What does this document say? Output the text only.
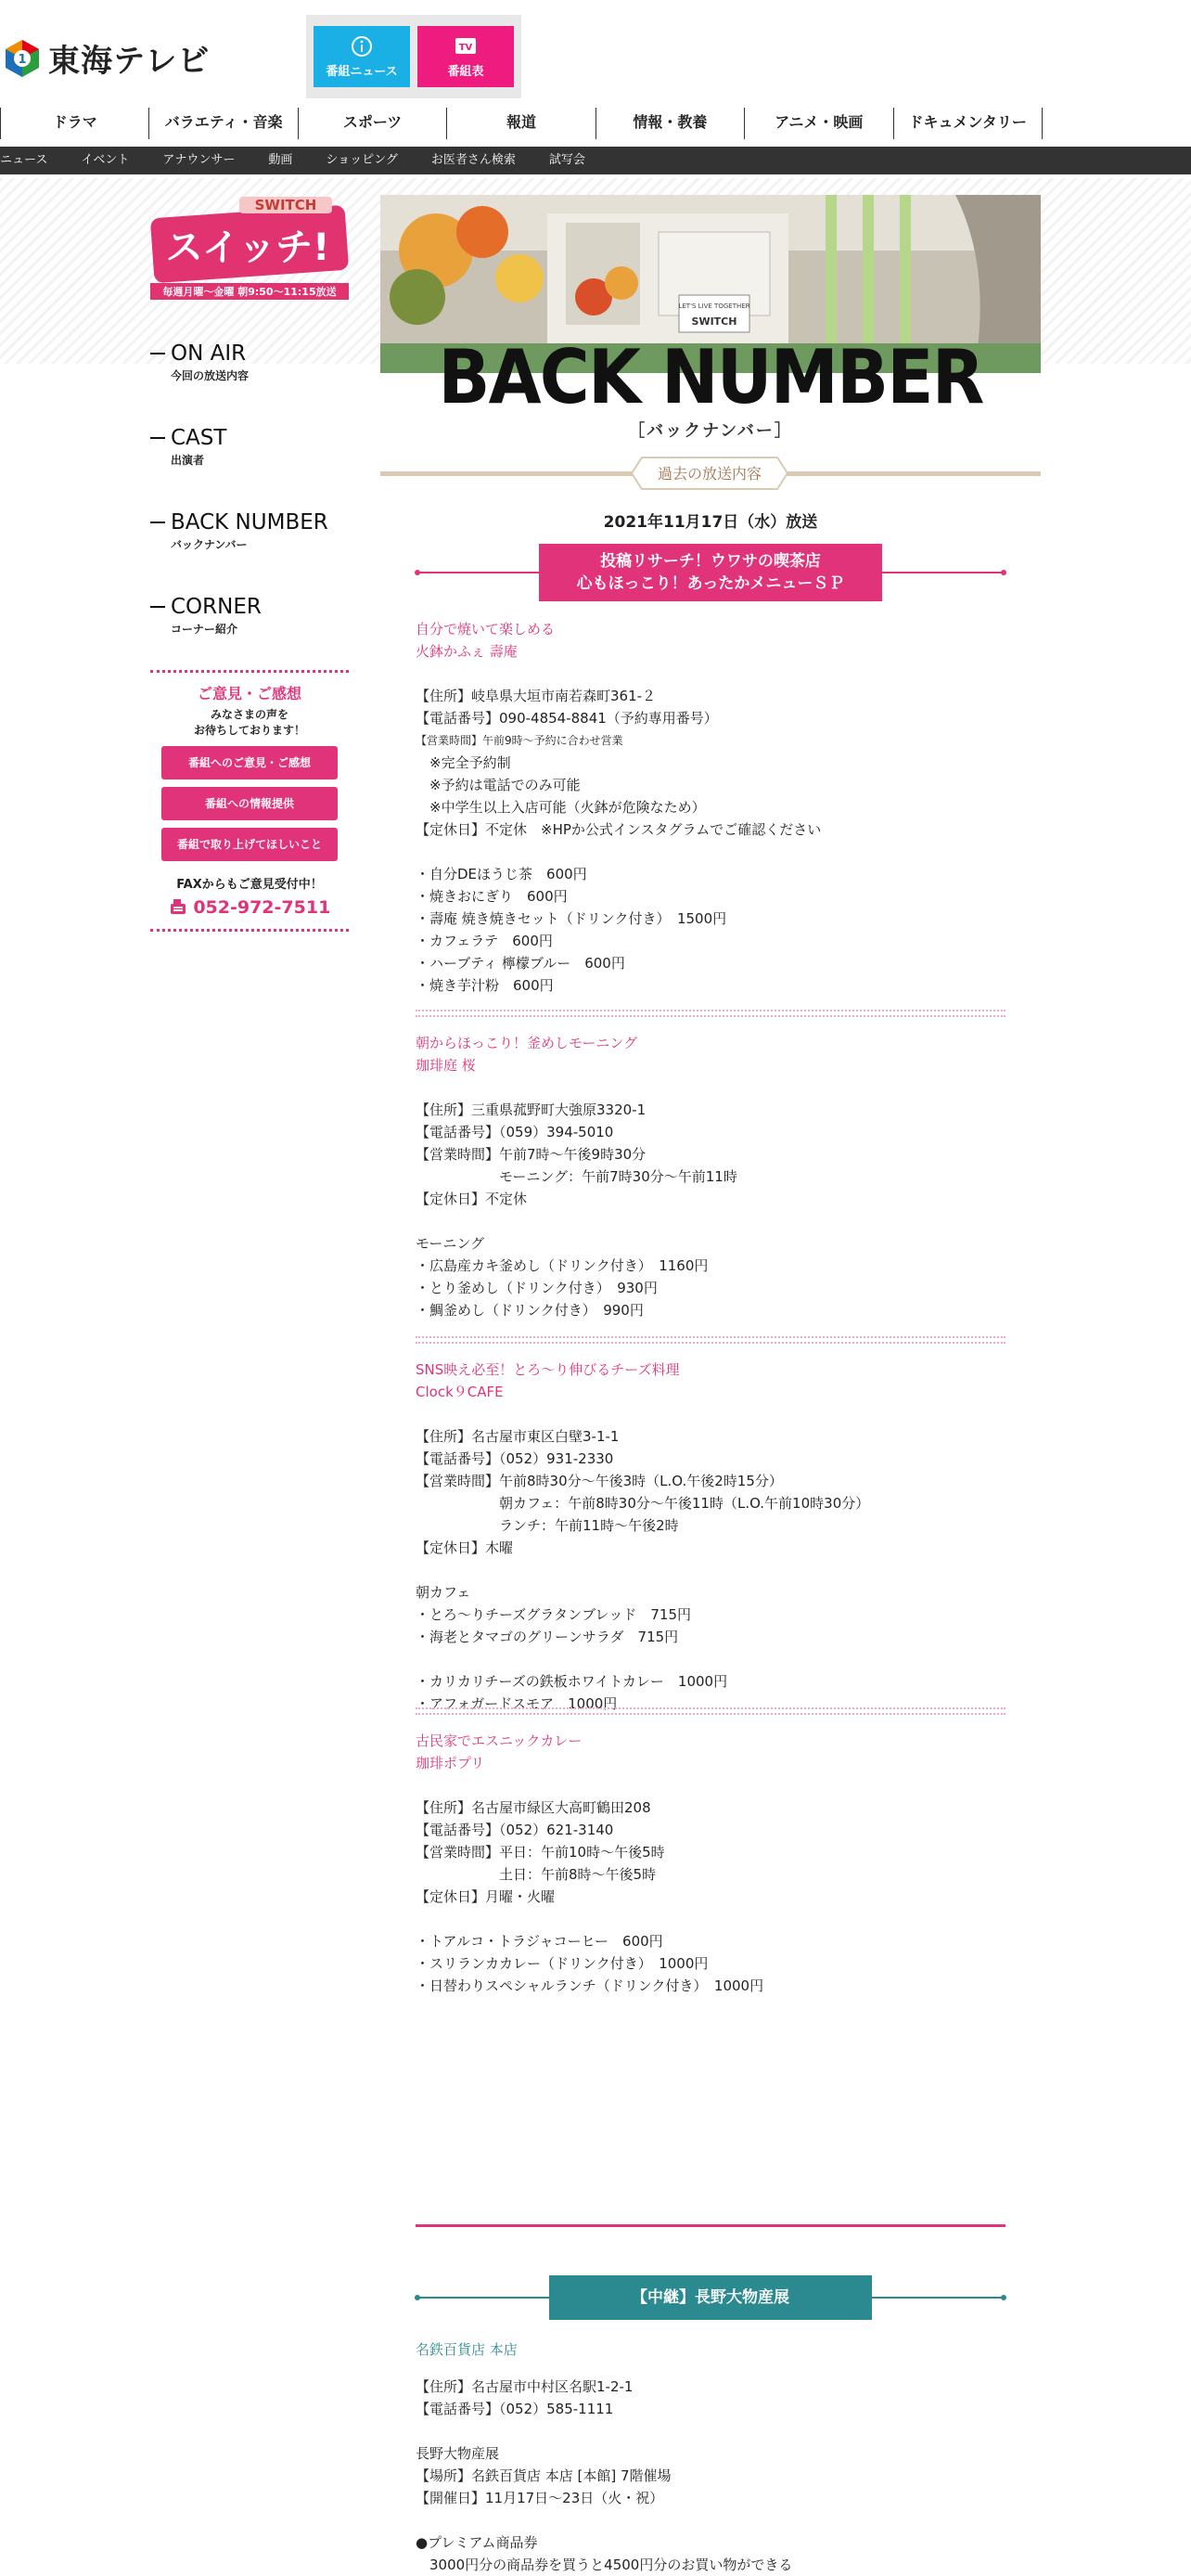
1 東海テレビ	番組ニュース
TV
番組表
ドラマ	バラエティ・音楽	スポーツ	報道	情報・教養	アニメ・映画	ドキュメンタリー
ニュース	イベント	アナウンサー	動画	ショッピング	お医者さん検索	試写会
SWITCH
スイッチ!
毎週月曜〜金曜 朝9:50〜11:15放送
ON AIR
今回の放送内容
CAST
出演者
BACK NUMBER
バックナンバー
CORNER
コーナー紹介
ご意見・ご感想
みなさまの声を
お待ちしております！
番組へのご意見・ご感想
番組への情報提供
番組で取り上げてほしいこと
FAXからもご意見受付中！
052-972-7511
LET'S LIVE TOGETHER
SWITCH
BACK NUMBER
［バックナンバー］
過去の放送内容
2021年11月17日（水）放送
投稿リサーチ！ウワサの喫茶店
心もほっこり！あったかメニューＳＰ
自分で焼いて楽しめる
火鉢かふぇ 壽庵
【住所】岐阜県大垣市南若森町361-２
【電話番号】090-4854-8841（予約専用番号）
【営業時間】午前9時～予約に合わせ営業
　※完全予約制
　※予約は電話でのみ可能
　※中学生以上入店可能（火鉢が危険なため）
【定休日】不定休　※HPか公式インスタグラムでご確認ください
・自分DEほうじ茶　600円
・焼きおにぎり　600円
・壽庵 焼き焼きセット（ドリンク付き）　1500円
・カフェラテ　600円
・ハーブティ 檸檬ブルー　600円
・焼き芋汁粉　600円
朝からほっこり！釜めしモーニング
珈琲庭 桜
【住所】三重県菰野町大強原3320-1
【電話番号】（059）394-5010
【営業時間】午前7時～午後9時30分
　　　　　　モーニング：午前7時30分～午前11時
【定休日】不定休
モーニング
・広島産カキ釜めし（ドリンク付き）　1160円
・とり釜めし（ドリンク付き）　930円
・鯛釜めし（ドリンク付き）　990円
SNS映え必至！とろ～り伸びるチーズ料理
Clock９CAFE
【住所】名古屋市東区白壁3-1-1
【電話番号】（052）931-2330
【営業時間】午前8時30分～午後3時（L.O.午後2時15分）
　　　　　　朝カフェ：午前8時30分～午後11時（L.O.午前10時30分）
　　　　　　ランチ：午前11時～午後2時
【定休日】木曜
朝カフェ
・とろ～りチーズグラタンブレッド　715円
・海老とタマゴのグリーンサラダ　715円
・カリカリチーズの鉄板ホワイトカレー　1000円
・アフォガードスモア　1000円
古民家でエスニックカレー
珈琲ポプリ
【住所】名古屋市緑区大高町鶴田208
【電話番号】（052）621-3140
【営業時間】平日：午前10時～午後5時
　　　　　　土日：午前8時～午後5時
【定休日】月曜・火曜
・トアルコ・トラジャコーヒー　600円
・スリランカカレー（ドリンク付き）　1000円
・日替わりスペシャルランチ（ドリンク付き）　1000円
【中継】長野大物産展
名鉄百貨店 本店
【住所】名古屋市中村区名駅1-2-1
【電話番号】（052）585-1111
長野大物産展
【場所】名鉄百貨店 本店 [本館] 7階催場
【開催日】11月17日～23日（火・祝）
●プレミアム商品券
　3000円分の商品券を買うと4500円分のお買い物ができる
